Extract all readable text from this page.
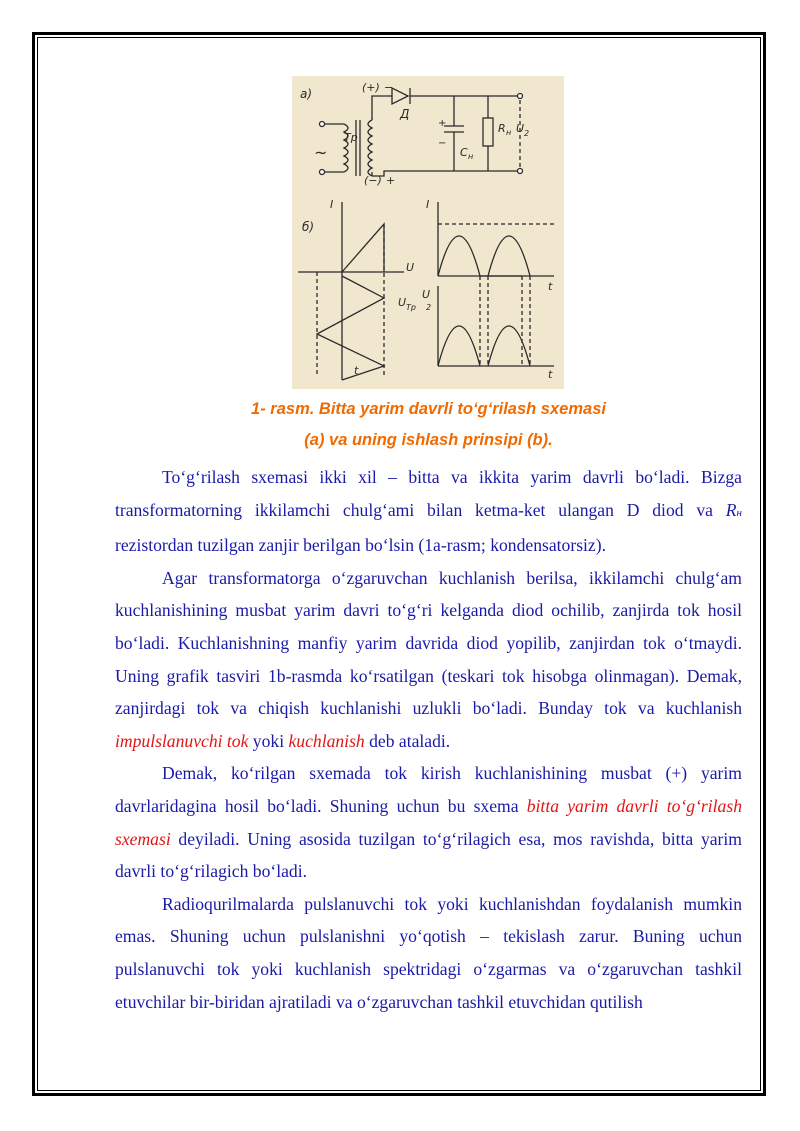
a)	(+) −
Д
Tp
~
(−) +
C н
R н U 2
+
−
б)
I
U
U Tp
t
I
t
U
2
t
1- rasm. Bitta yarim davrli to‘g‘rilash sxemasi
(a) va uning ishlash prinsipi (b).

To‘g‘rilash sxemasi ikki xil – bitta va ikkita yarim davrli bo‘ladi. Bizga transformatorning ikkilamchi chulg‘ami bilan ketma-ket ulangan D diod va Rн rezistordan tuzilgan zanjir berilgan bo‘lsin (1a-rasm; kondensatorsiz).

Agar transformatorga o‘zgaruvchan kuchlanish berilsa, ikkilamchi chulg‘am kuchlanishining musbat yarim davri to‘g‘ri kelganda diod ochilib, zanjirda tok hosil bo‘ladi. Kuchlanishning manfiy yarim davrida diod yopilib, zanjirdan tok o‘tmaydi. Uning grafik tasviri 1b-rasmda ko‘rsatilgan (teskari tok hisobga olinmagan). Demak, zanjirdagi tok va chiqish kuchlanishi uzlukli bo‘ladi. Bunday tok va kuchlanish impulslanuvchi tok yoki kuchlanish deb ataladi.

Demak, ko‘rilgan sxemada tok kirish kuchlanishining musbat (+) yarim davrlaridagina hosil bo‘ladi. Shuning uchun bu sxema bitta yarim davrli to‘g‘rilash sxemasi deyiladi. Uning asosida tuzilgan to‘g‘rilagich esa, mos ravishda, bitta yarim davrli to‘g‘rilagich bo‘ladi.

Radioqurilmalarda pulslanuvchi tok yoki kuchlanishdan foydalanish mumkin emas. Shuning uchun pulslanishni yo‘qotish – tekislash zarur. Buning uchun pulslanuvchi tok yoki kuchlanish spektridagi o‘zgarmas va o‘zgaruvchan tashkil etuvchilar bir-biridan ajratiladi va o‘zgaruvchan tashkil etuvchidan qutilish
